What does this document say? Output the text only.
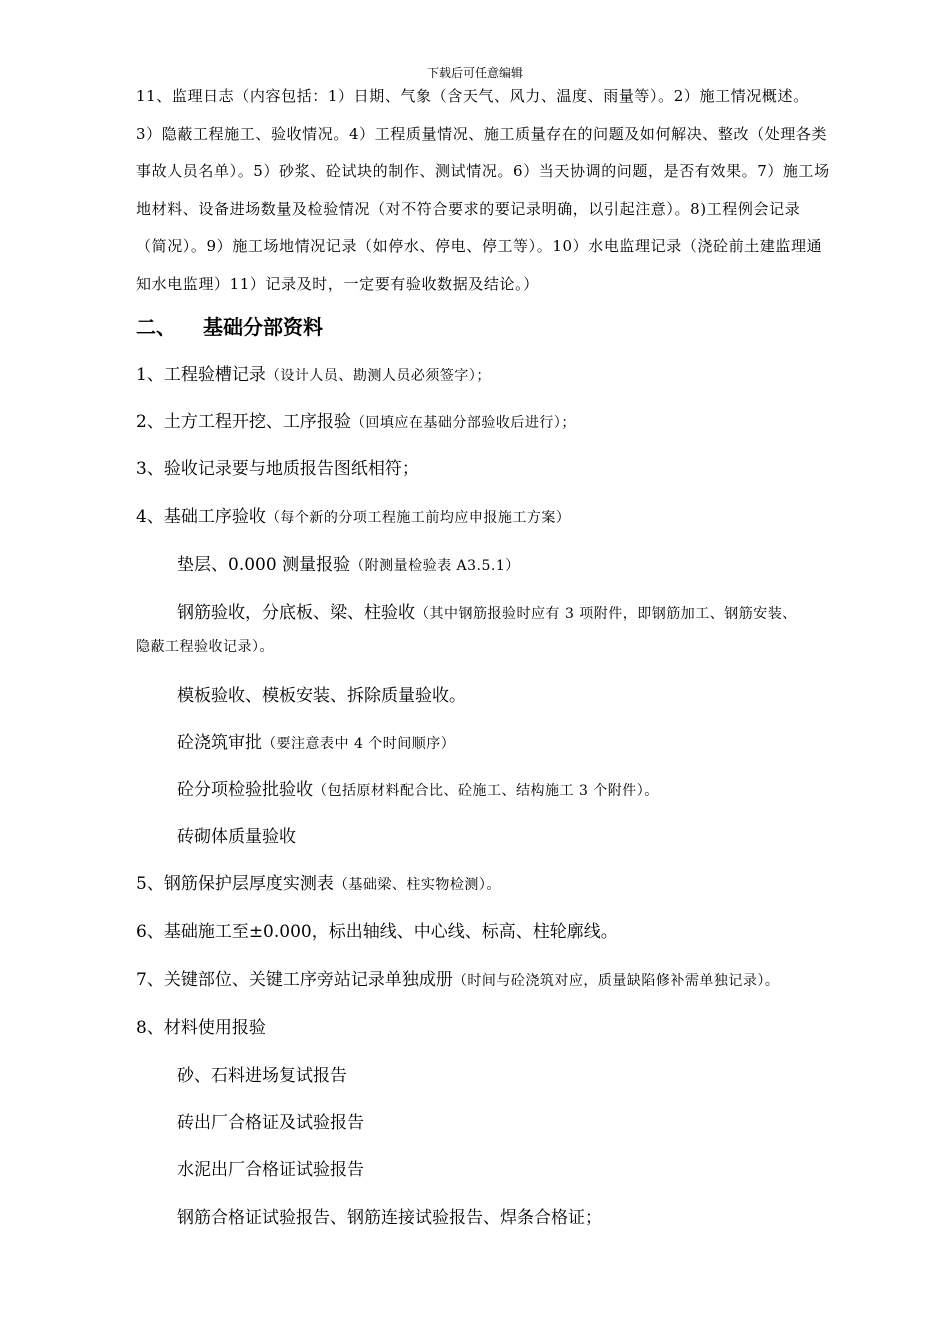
下载后可任意编辑
11、监理日志（内容包括：1）日期、气象（含天气、风力、温度、雨量等）。2）施工情况概述。
3）隐蔽工程施工、验收情况。4）工程质量情况、施工质量存在的问题及如何解决、整改（处理各类
事故人员名单）。5）砂浆、砼试块的制作、测试情况。6）当天协调的问题，是否有效果。7）施工场
地材料、设备进场数量及检验情况（对不符合要求的要记录明确，以引起注意）。8)工程例会记录
（简况）。9）施工场地情况记录（如停水、停电、停工等）。10）水电监理记录（浇砼前土建监理通
知水电监理）11）记录及时，一定要有验收数据及结论。）
二、 基础分部资料
1、工程验槽记录（设计人员、勘测人员必须签字）；
2、土方工程开挖、工序报验（回填应在基础分部验收后进行）；
3、验收记录要与地质报告图纸相符；
4、基础工序验收（每个新的分项工程施工前均应申报施工方案）
垫层、0.000 测量报验（附测量检验表 A3.5.1）
钢筋验收，分底板、梁、柱验收（其中钢筋报验时应有 3 项附件，即钢筋加工、钢筋安装、
隐蔽工程验收记录）。
模板验收、模板安装、拆除质量验收。
砼浇筑审批（要注意表中 4 个时间顺序）
砼分项检验批验收（包括原材料配合比、砼施工、结构施工 3 个附件）。
砖砌体质量验收
5、钢筋保护层厚度实测表（基础梁、柱实物检测）。
6、基础施工至±0.000，标出轴线、中心线、标高、柱轮廓线。
7、关键部位、关键工序旁站记录单独成册（时间与砼浇筑对应，质量缺陷修补需单独记录）。
8、材料使用报验
砂、石料进场复试报告
砖出厂合格证及试验报告
水泥出厂合格证试验报告
钢筋合格证试验报告、钢筋连接试验报告、焊条合格证；
